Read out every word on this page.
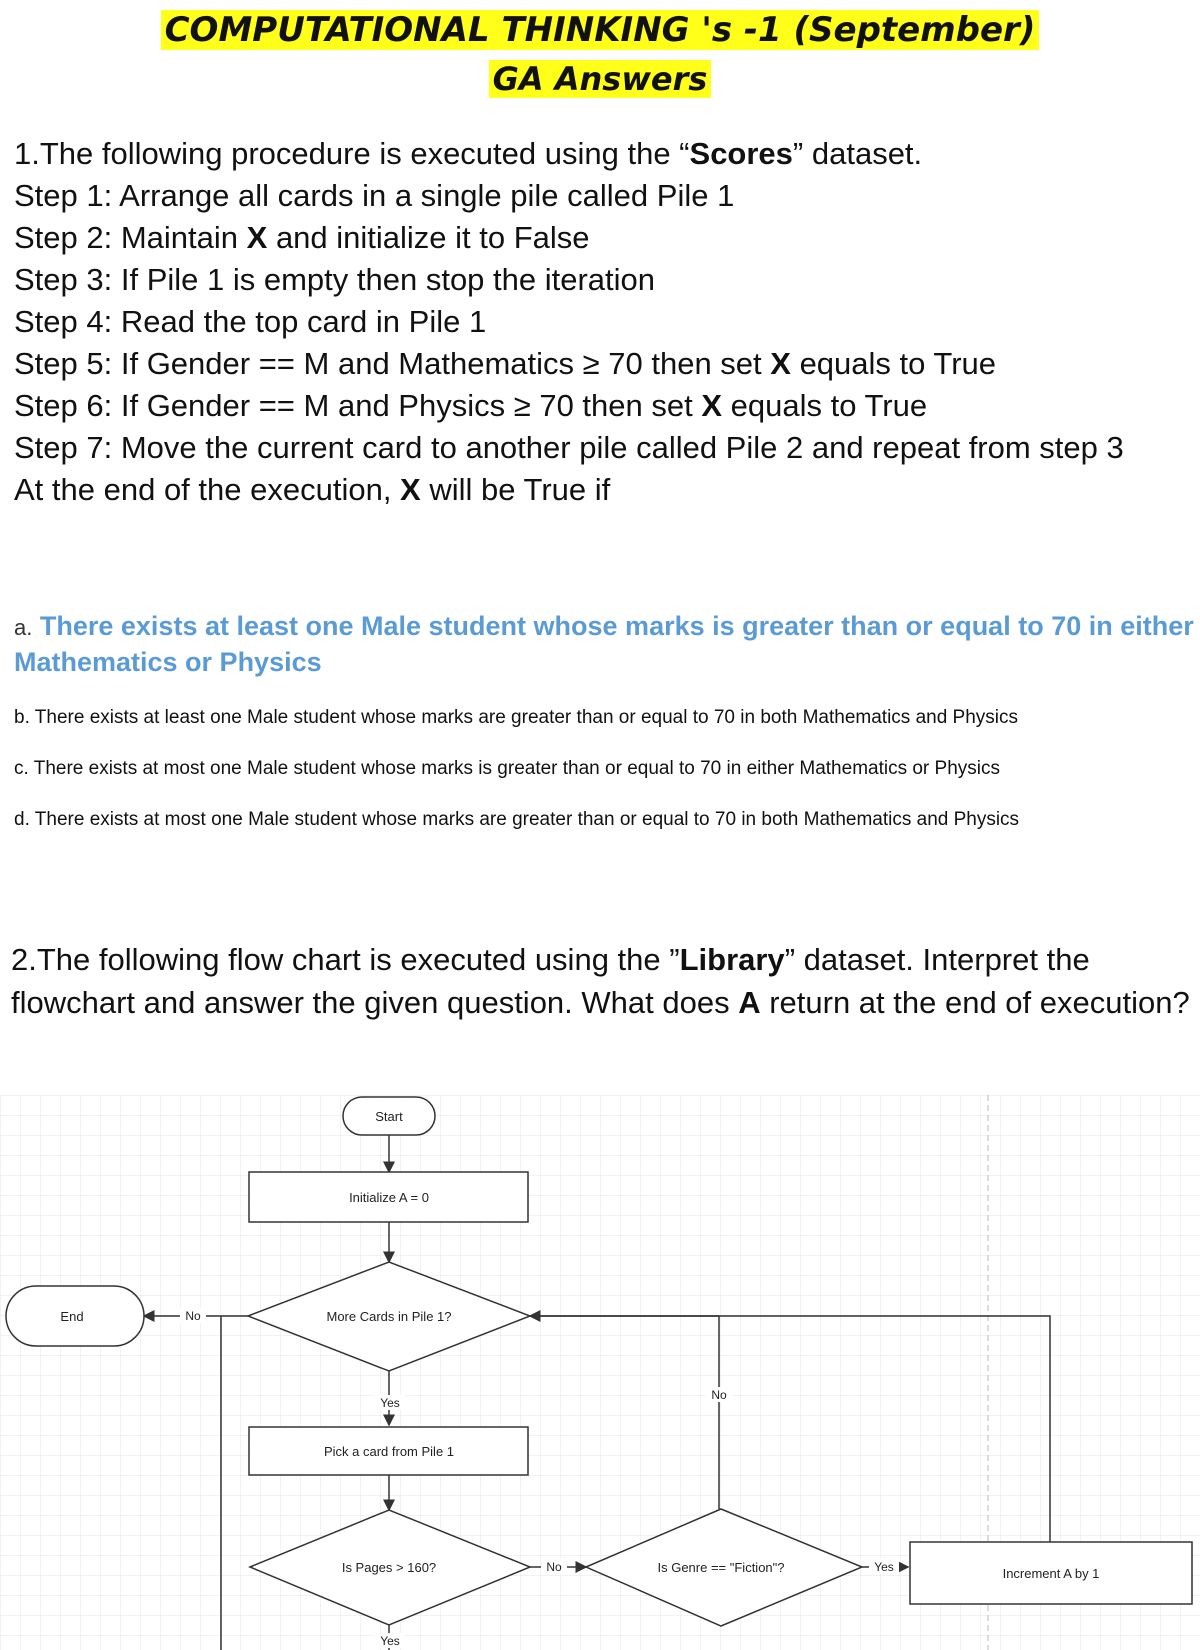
COMPUTATIONAL THINKING 's -1 (September)
GA Answers

1.The following procedure is executed using the “Scores” dataset.

Step 1: Arrange all cards in a single pile called Pile 1

Step 2: Maintain X and initialize it to False

Step 3: If Pile 1 is empty then stop the iteration

Step 4: Read the top card in Pile 1

Step 5: If Gender == M and Mathematics ≥ 70 then set X equals to True

Step 6: If Gender == M and Physics ≥ 70 then set X equals to True

Step 7: Move the current card to another pile called Pile 2 and repeat from step 3

At the end of the execution, X will be True if

a. There exists at least one Male student whose marks is greater than or equal to 70 in either Mathematics or Physics
b. There exists at least one Male student whose marks are greater than or equal to 70 in both Mathematics and Physics
c. There exists at most one Male student whose marks is greater than or equal to 70 in either Mathematics or Physics
d. There exists at most one Male student whose marks are greater than or equal to 70 in both Mathematics and Physics
2.The following flow chart is executed using the ”Library” dataset. Interpret the flowchart and answer the given question. What does A return at the end of execution?
Start
Initialize A = 0
End	More Cards in Pile 1?
Pick a card from Pile 1
Is Pages > 160?	Is Genre == "Fiction"?	Increment A by 1
No
Yes
No
No	Yes
Yes
